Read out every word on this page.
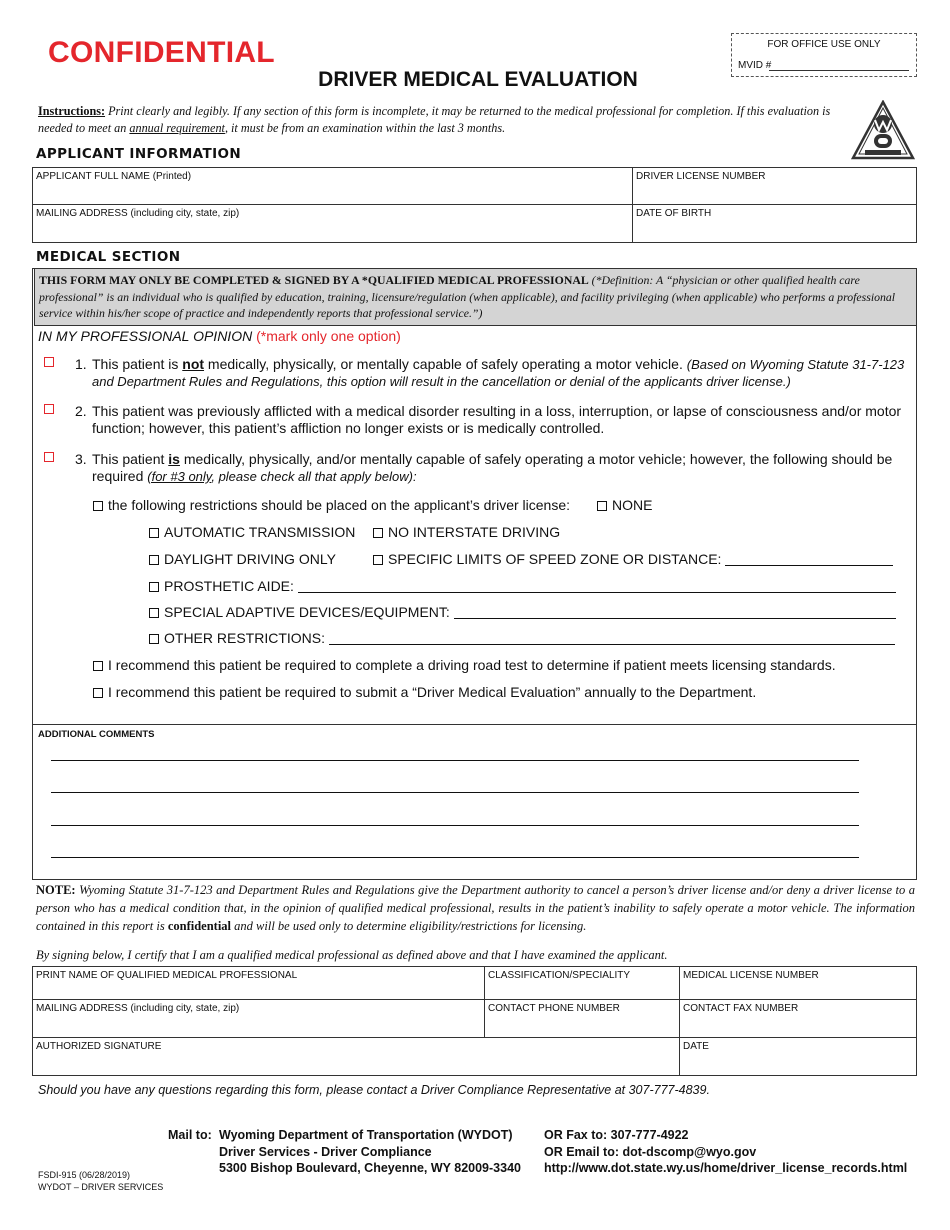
CONFIDENTIAL
DRIVER MEDICAL EVALUATION
FOR OFFICE USE ONLY
MVID #
Instructions: Print clearly and legibly. If any section of this form is incomplete, it may be returned to the medical professional for completion. If this evaluation is needed to meet an annual requirement, it must be from an examination within the last 3 months.
APPLICANT INFORMATION
APPLICANT FULL NAME (Printed)	DRIVER LICENSE NUMBER
MAILING ADDRESS (including city, state, zip)	DATE OF BIRTH
MEDICAL SECTION
THIS FORM MAY ONLY BE COMPLETED & SIGNED BY A *QUALIFIED MEDICAL PROFESSIONAL (*Definition: A “physician or other qualified health care professional” is an individual who is qualified by education, training, licensure/regulation (when applicable), and facility privileging (when applicable) who performs a professional service within his/her scope of practice and independently reports that professional service.”)
IN MY PROFESSIONAL OPINION (*mark only one option)
1. This patient is not medically, physically, or mentally capable of safely operating a motor vehicle. (Based on Wyoming Statute 31-7-123 and Department Rules and Regulations, this option will result in the cancellation or denial of the applicants driver license.)
2. This patient was previously afflicted with a medical disorder resulting in a loss, interruption, or lapse of consciousness and/or motor function; however, this patient’s affliction no longer exists or is medically controlled.
3. This patient is medically, physically, and/or mentally capable of safely operating a motor vehicle; however, the following should be required (for #3 only, please check all that apply below):
the following restrictions should be placed on the applicant’s driver license:	NONE
AUTOMATIC TRANSMISSION	NO INTERSTATE DRIVING
DAYLIGHT DRIVING ONLY	SPECIFIC LIMITS OF SPEED ZONE OR DISTANCE:
PROSTHETIC AIDE:
SPECIAL ADAPTIVE DEVICES/EQUIPMENT:
OTHER RESTRICTIONS:
I recommend this patient be required to complete a driving road test to determine if patient meets licensing standards.
I recommend this patient be required to submit a “Driver Medical Evaluation” annually to the Department.
ADDITIONAL COMMENTS
NOTE: Wyoming Statute 31-7-123 and Department Rules and Regulations give the Department authority to cancel a person’s driver license and/or deny a driver license to a person who has a medical condition that, in the opinion of qualified medical professional, results in the patient’s inability to safely operate a motor vehicle. The information contained in this report is confidential and will be used only to determine eligibility/restrictions for licensing.
By signing below, I certify that I am a qualified medical professional as defined above and that I have examined the applicant.
PRINT NAME OF QUALIFIED MEDICAL PROFESSIONAL	CLASSIFICATION/SPECIALITY	MEDICAL LICENSE NUMBER
MAILING ADDRESS (including city, state, zip)	CONTACT PHONE NUMBER	CONTACT FAX NUMBER
AUTHORIZED SIGNATURE	DATE
Should you have any questions regarding this form, please contact a Driver Compliance Representative at 307-777-4839.
Mail to: Wyoming Department of Transportation (WYDOT)
Driver Services - Driver Compliance
5300 Bishop Boulevard, Cheyenne, WY 82009-3340
OR Fax to: 307-777-4922
OR Email to: dot-dscomp@wyo.gov
http://www.dot.state.wy.us/home/driver_license_records.html
FSDI-915 (06/28/2019)
WYDOT – DRIVER SERVICES
